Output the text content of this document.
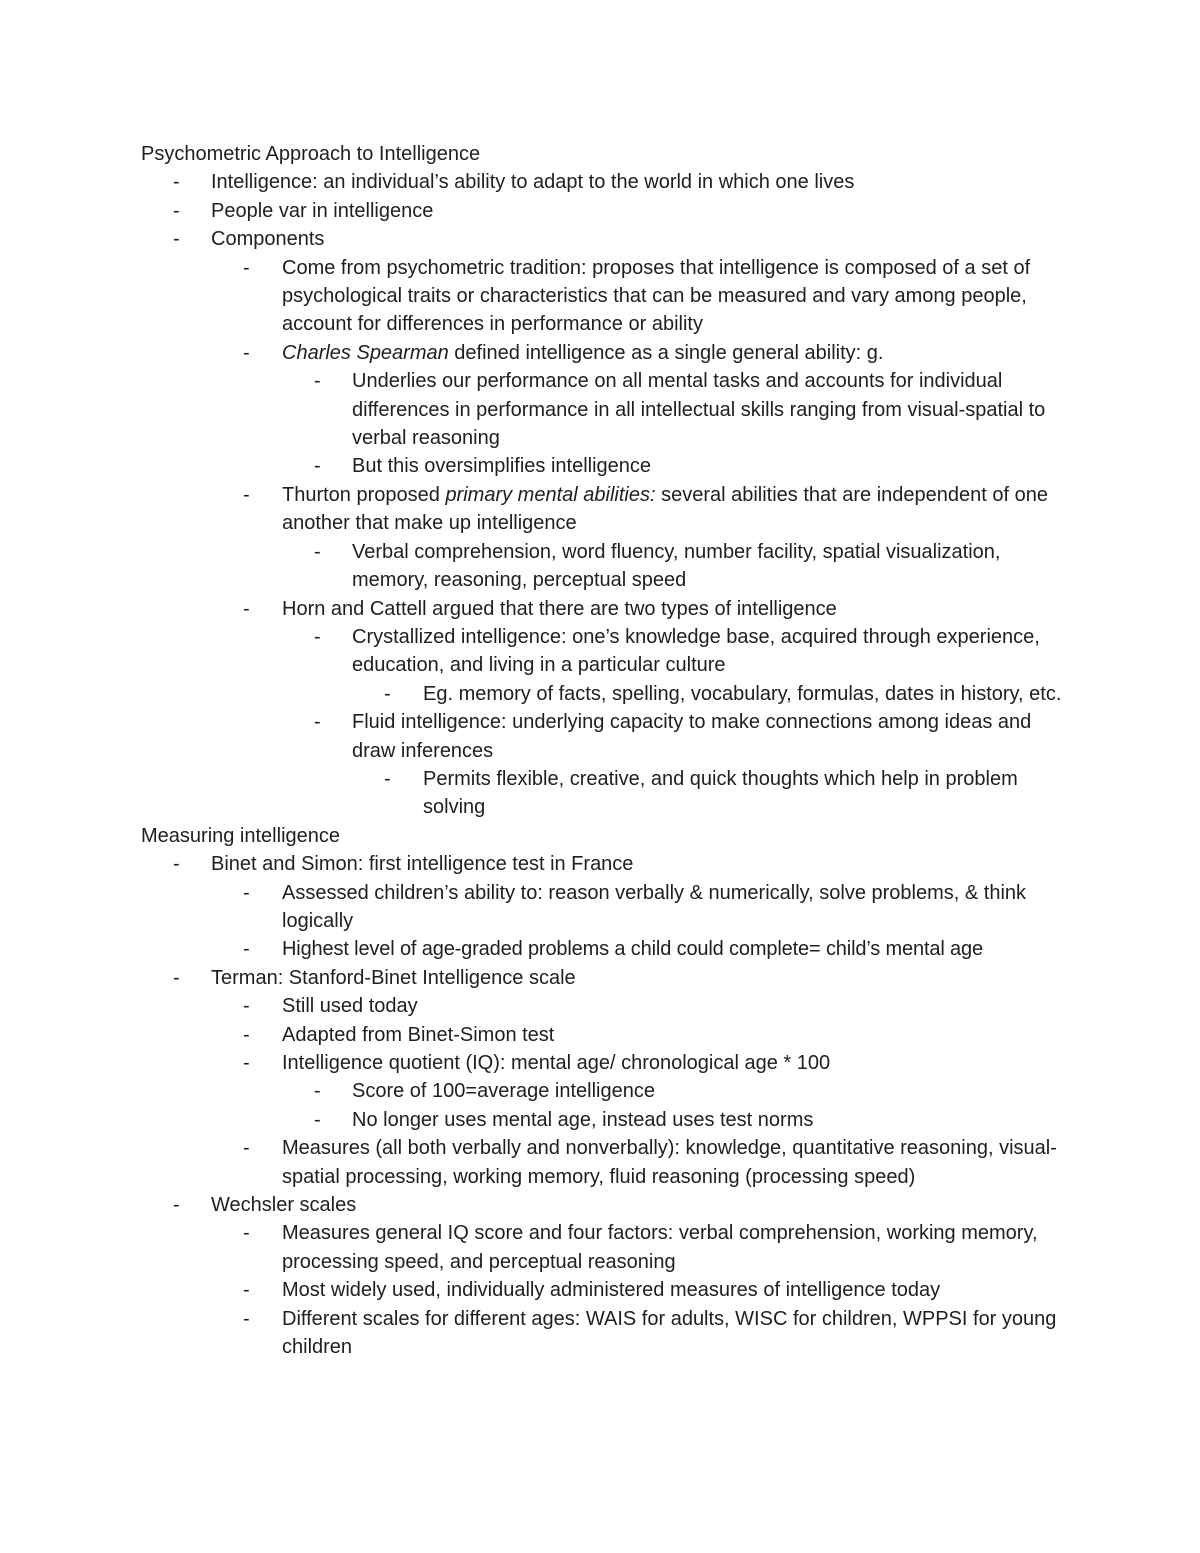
Psychometric Approach to Intelligence

-	Intelligence: an individual’s ability to adapt to the world in which one lives

-	People var in intelligence

-	Components

-	Come from psychometric tradition: proposes that intelligence is composed of a set of psychological traits or characteristics that can be measured and vary among people, account for differences in performance or ability

-	Charles Spearman defined intelligence as a single general ability: g.

-	Underlies our performance on all mental tasks and accounts for individual differences in performance in all intellectual skills ranging from visual-spatial to verbal reasoning

-	But this oversimplifies intelligence

-	Thurton proposed primary mental abilities: several abilities that are independent of one another that make up intelligence

-	Verbal comprehension, word fluency, number facility, spatial visualization, memory, reasoning, perceptual speed

-	Horn and Cattell argued that there are two types of intelligence

-	Crystallized intelligence: one’s knowledge base, acquired through experience, education, and living in a particular culture

-	Eg. memory of facts, spelling, vocabulary, formulas, dates in history, etc.

-	Fluid intelligence: underlying capacity to make connections among ideas and draw inferences

-	Permits flexible, creative, and quick thoughts which help in problem solving

Measuring intelligence

-	Binet and Simon: first intelligence test in France

-	Assessed children’s ability to: reason verbally & numerically, solve problems, & think logically

-	Highest level of age-graded problems a child could complete= child’s mental age

-	Terman: Stanford-Binet Intelligence scale

-	Still used today

-	Adapted from Binet-Simon test

-	Intelligence quotient (IQ): mental age/ chronological age * 100

-	Score of 100=average intelligence

-	No longer uses mental age, instead uses test norms

-	Measures (all both verbally and nonverbally): knowledge, quantitative reasoning, visual-spatial processing, working memory, fluid reasoning (processing speed)

-	Wechsler scales

-	Measures general IQ score and four factors: verbal comprehension, working memory, processing speed, and perceptual reasoning

-	Most widely used, individually administered measures of intelligence today

-	Different scales for different ages: WAIS for adults, WISC for children, WPPSI for young children
